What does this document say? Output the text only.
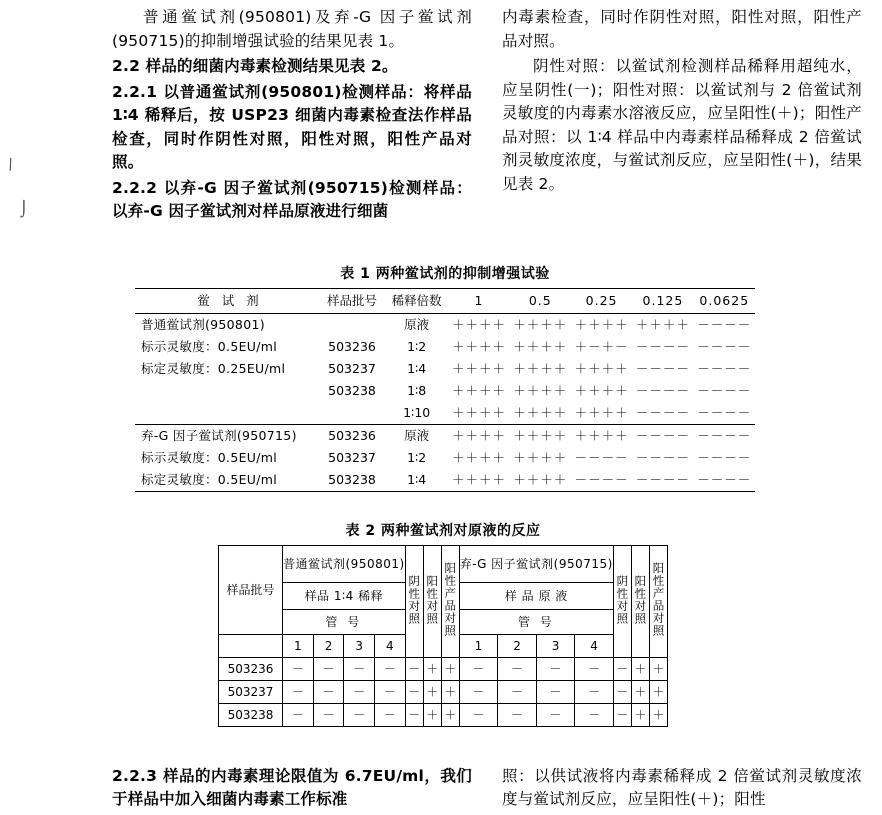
\
⌡

普通鲎试剂(950801)及弃-G 因子鲎试剂(950715)的抑制增强试验的结果见表 1。

2.2 样品的细菌内毒素检测结果见表 2。

2.2.1 以普通鲎试剂(950801)检测样品：将样品 1∶4 稀释后，按 USP23 细菌内毒素检查法作样品检查，同时作阴性对照，阳性对照，阳性产品对照。

2.2.2 以弃-G 因子鲎试剂(950715)检测样品：以弃-G 因子鲎试剂对样品原液进行细菌

内毒素检查，同时作阴性对照，阳性对照，阳性产品对照。

阴性对照：以鲎试剂检测样品稀释用超纯水，应呈阴性(一)；阳性对照：以鲎试剂与 2 倍鲎试剂灵敏度的内毒素水溶液反应，应呈阳性(＋)；阳性产品对照：以 1∶4 样品中内毒素样品稀释成 2 倍鲎试剂灵敏度浓度，与鲎试剂反应，应呈阳性(＋)，结果见表 2。

表 1 两种鲎试剂的抑制增强试验
鲎 试 剂	样品批号	稀释倍数	1	0.5	0.25	0.125	0.0625
普通鲎试剂(950801)		原液	＋＋＋＋	＋＋＋＋	＋＋＋＋	＋＋＋＋	－－－－
标示灵敏度：0.5EU/ml	503236	1∶2	＋＋＋＋	＋＋＋＋	＋－＋－	－－－－	－－－－
标定灵敏度：0.25EU/ml	503237	1∶4	＋＋＋＋	＋＋＋＋	＋＋＋＋	－－－－	－－－－
	503238	1∶8	＋＋＋＋	＋＋＋＋	＋＋＋＋	－－－－	－－－－
		1∶10	＋＋＋＋	＋＋＋＋	＋＋＋＋	－－－－	－－－－
弃-G 因子鲎试剂(950715)	503236	原液	＋＋＋＋	＋＋＋＋	＋＋＋＋	－－－－	－－－－
标示灵敏度：0.5EU/ml	503237	1∶2	＋＋＋＋	＋＋＋＋	－－－－	－－－－	－－－－
标定灵敏度：0.5EU/ml	503238	1∶4	＋＋＋＋	＋＋＋＋	－－－－	－－－－	－－－－
表 2 两种鲎试剂对原液的反应
样品批号	普通鲎试剂(950801)				阴性对照	阳性对照	阳性产品对照	弃-G 因子鲎试剂(950715)				阴性对照	阳性对照	阳性产品对照
	样品 1∶4 稀释							样 品 原 液						
	管 号							管 号						
	1	2	3	4				1	2	3	4			
503236	－	－	－	－	－	＋	＋	－	－	－	－	－	＋	＋
503237	－	－	－	－	－	＋	＋	－	－	－	－	－	＋	＋
503238	－	－	－	－	－	＋	＋	－	－	－	－	－	＋	＋

2.2.3 样品的内毒素理论限值为 6.7EU/ml，我们于样品中加入细菌内毒素工作标准

照：以供试液将内毒素稀释成 2 倍鲎试剂灵敏度浓度与鲎试剂反应，应呈阳性(＋)；阳性
